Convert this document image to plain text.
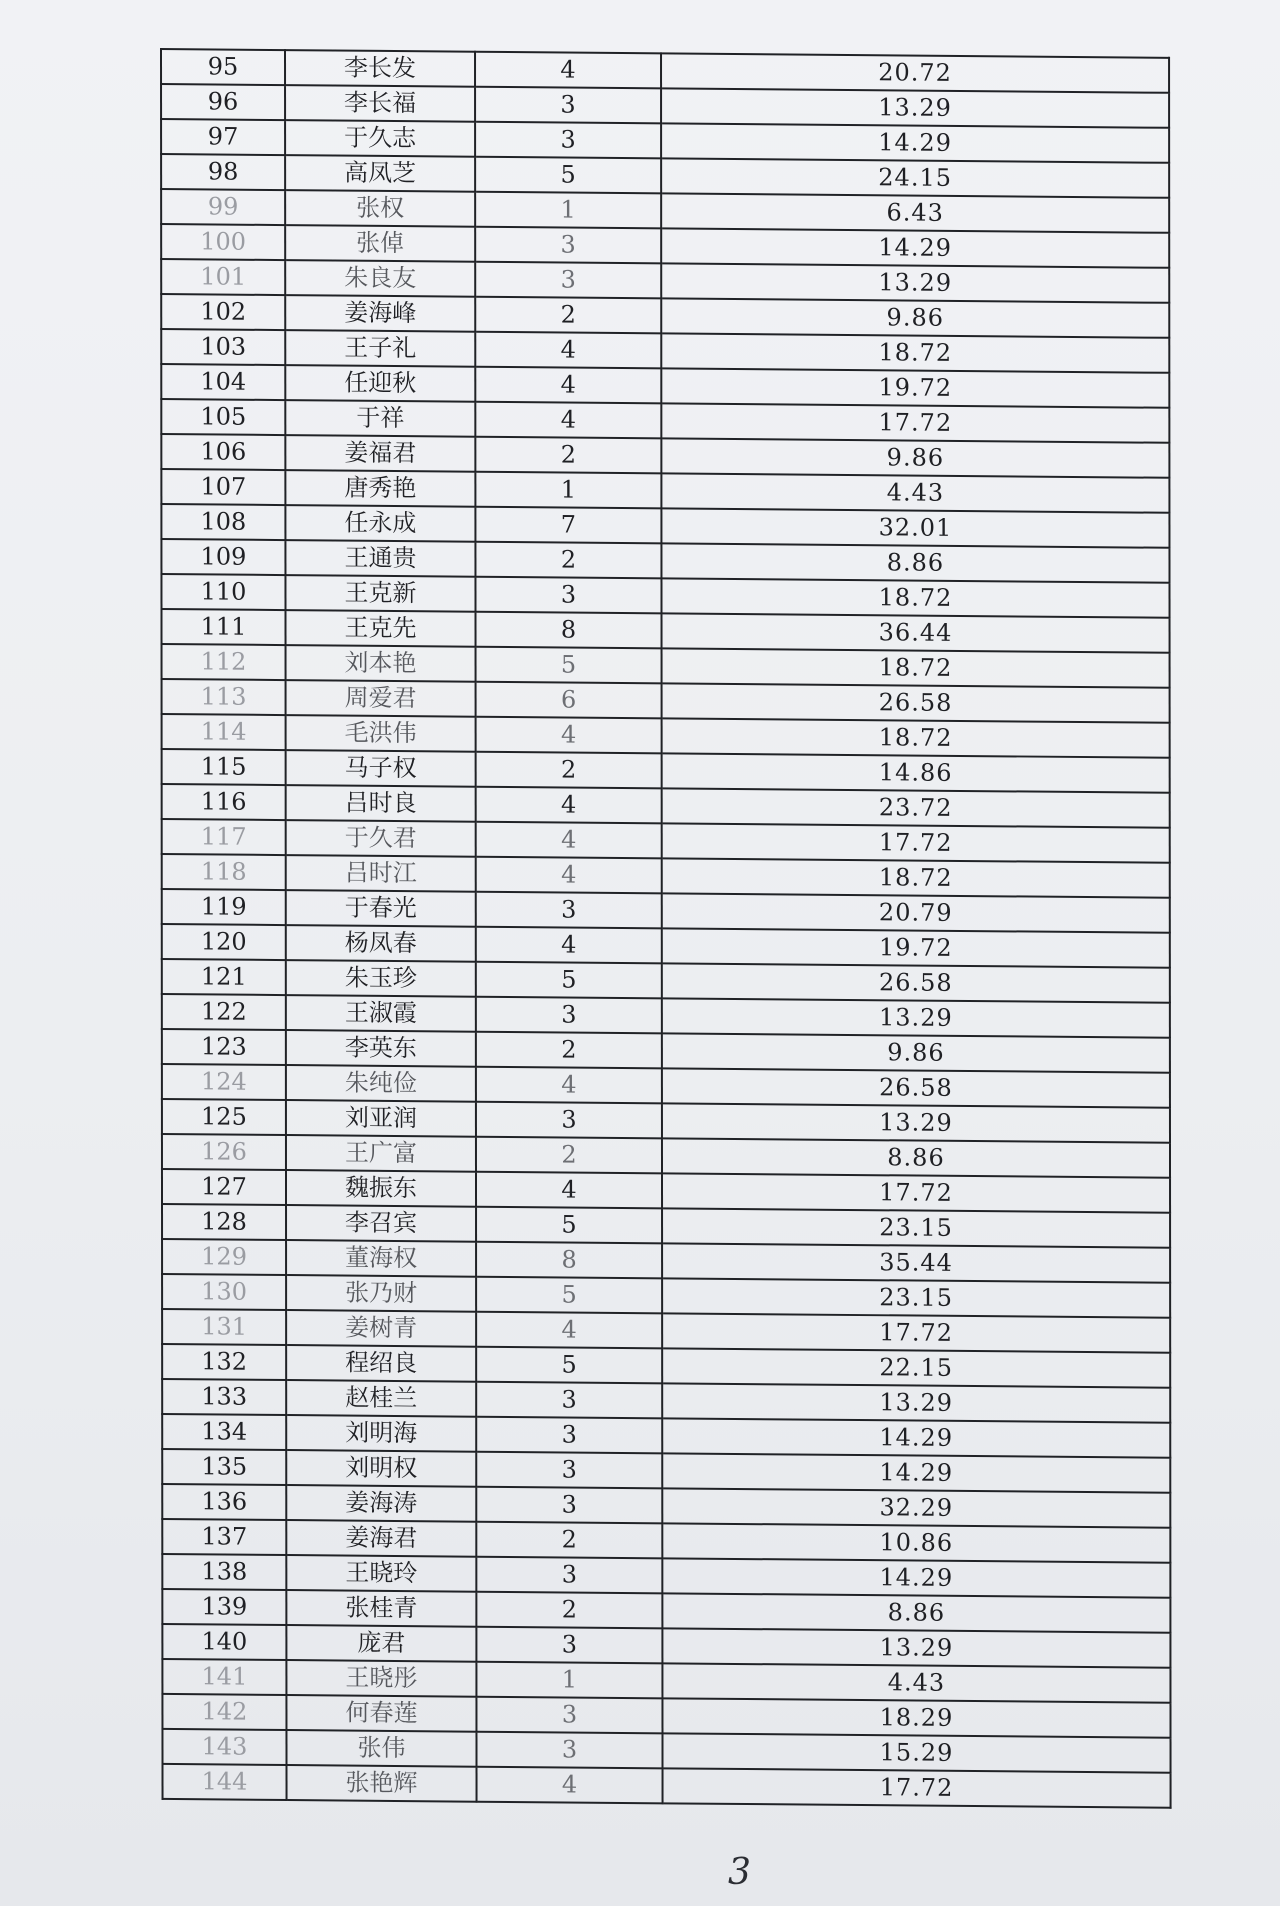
95	李长发	4	20.72
96	李长福	3	13.29
97	于久志	3	14.29
98	高凤芝	5	24.15
99	张权	1	6.43
100	张倬	3	14.29
101	朱良友	3	13.29
102	姜海峰	2	9.86
103	王子礼	4	18.72
104	任迎秋	4	19.72
105	于祥	4	17.72
106	姜福君	2	9.86
107	唐秀艳	1	4.43
108	任永成	7	32.01
109	王通贵	2	8.86
110	王克新	3	18.72
111	王克先	8	36.44
112	刘本艳	5	18.72
113	周爱君	6	26.58
114	毛洪伟	4	18.72
115	马子权	2	14.86
116	吕时良	4	23.72
117	于久君	4	17.72
118	吕时江	4	18.72
119	于春光	3	20.79
120	杨凤春	4	19.72
121	朱玉珍	5	26.58
122	王淑霞	3	13.29
123	李英东	2	9.86
124	朱纯俭	4	26.58
125	刘亚润	3	13.29
126	王广富	2	8.86
127	魏振东	4	17.72
128	李召宾	5	23.15
129	董海权	8	35.44
130	张乃财	5	23.15
131	姜树青	4	17.72
132	程绍良	5	22.15
133	赵桂兰	3	13.29
134	刘明海	3	14.29
135	刘明权	3	14.29
136	姜海涛	3	32.29
137	姜海君	2	10.86
138	王晓玲	3	14.29
139	张桂青	2	8.86
140	庞君	3	13.29
141	王晓彤	1	4.43
142	何春莲	3	18.29
143	张伟	3	15.29
144	张艳辉	4	17.72
3
